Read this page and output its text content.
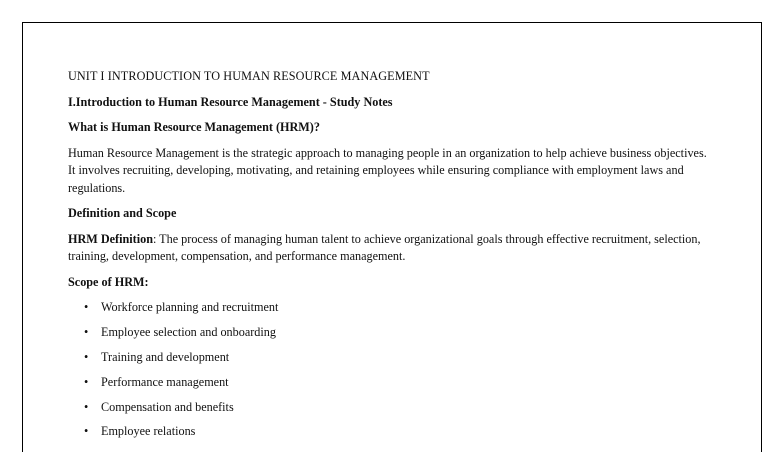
UNIT I INTRODUCTION TO HUMAN RESOURCE MANAGEMENT

I.Introduction to Human Resource Management - Study Notes

What is Human Resource Management (HRM)?

Human Resource Management is the strategic approach to managing people in an organization to help achieve business objectives. It involves recruiting, developing, motivating, and retaining employees while ensuring compliance with employment laws and regulations.

Definition and Scope

HRM Definition: The process of managing human talent to achieve organizational goals through effective recruitment, selection, training, development, compensation, and performance management.

Scope of HRM:

• Workforce planning and recruitment
• Employee selection and onboarding
• Training and development
• Performance management
• Compensation and benefits
• Employee relations
